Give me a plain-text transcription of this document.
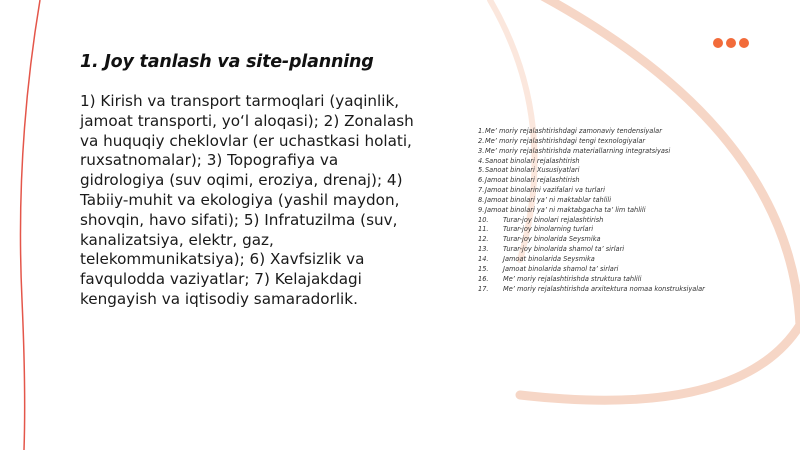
1. Joy tanlash va site-planning

1) Kirish va transport tarmoqlari (yaqinlik, jamoat transporti, yo‘l aloqasi); 2) Zonalash va huquqiy cheklovlar (er uchastkasi holati, ruxsatnomalar); 3) Topografiya va gidrologiya (suv oqimi, eroziya, drenaj); 4) Tabiiy-muhit va ekologiya (yashil maydon, shovqin, havo sifati); 5) Infratuzilma (suv, kanalizatsiya, elektr, gaz, telekommunikatsiya); 6) Xavfsizlik va favqulodda vaziyatlar; 7) Kelajakdagi kengayish va iqtisodiy samaradorlik.

1. Me’ moriy rejalashtirishdagi zamonaviy tendensiyalar
2. Me’ moriy rejalashtirishdagi tengi texnologiyalar
3. Me’ moriy rejalashtirishda materiallarning integratsiyasi
4. Sanoat binolari rejalashtirish
5. Sanoat binolari Xususiyatlari
6. Jamoat binolari rejalashtirish
7. Jamoat binolarini vazifalari va turlari
8. Jamoat binolari ya’ ni maktablar tahlili
9. Jamoat binolari ya’ ni maktabgacha ta’ lim tahlili
10.	Turar-joy binolari rejalashtirish
11.	Turar-joy binolarning turlari
12.	Turar-joy binolarida Seysmika
13.	Turar-joy binolarida shamol ta’ sirlari
14.	Jamoat binolarida Seysmika
15.	Jamoat binolarida shamol ta’ sirlari
16.	Me’ moriy rejalashtirishda struktura tahlili
17.	Me’ moriy rejalashtirishda arxitektura nomaa konstruksiyalar
